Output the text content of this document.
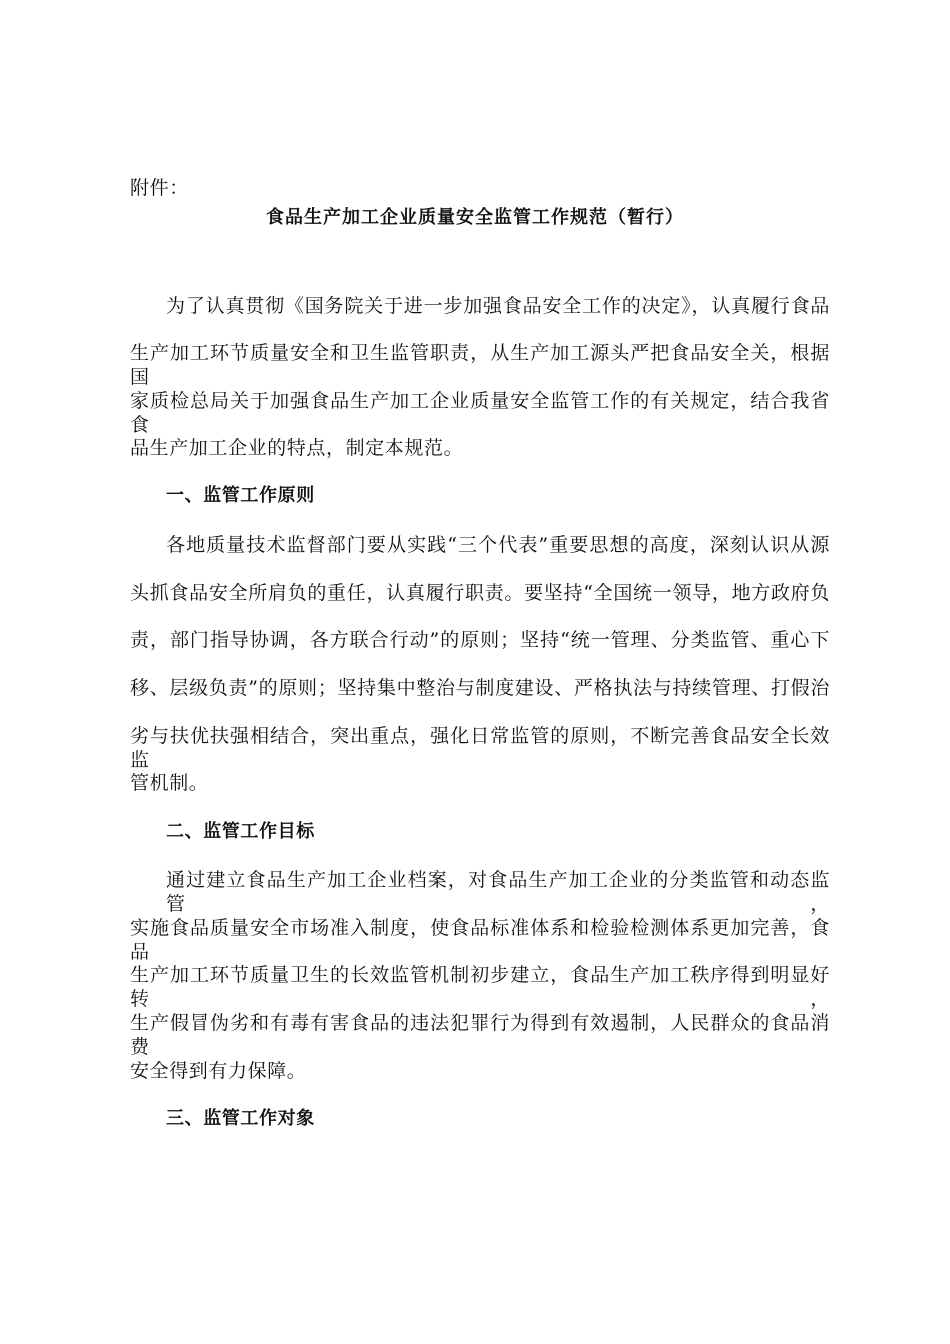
附件：
食品生产加工企业质量安全监管工作规范（暂行）
为了认真贯彻《国务院关于进一步加强食品安全工作的决定》，认真履行食品
生产加工环节质量安全和卫生监管职责，从生产加工源头严把食品安全关，根据国
家质检总局关于加强食品生产加工企业质量安全监管工作的有关规定，结合我省食
品生产加工企业的特点，制定本规范。
一、监管工作原则
各地质量技术监督部门要从实践“三个代表”重要思想的高度，深刻认识从源
头抓食品安全所肩负的重任，认真履行职责。要坚持“全国统一领导，地方政府负
责，部门指导协调，各方联合行动”的原则；坚持“统一管理、分类监管、重心下
移、层级负责”的原则；坚持集中整治与制度建设、严格执法与持续管理、打假治
劣与扶优扶强相结合，突出重点，强化日常监管的原则，不断完善食品安全长效监
管机制。
二、监管工作目标
通过建立食品生产加工企业档案，对食品生产加工企业的分类监管和动态监管，
实施食品质量安全市场准入制度，使食品标准体系和检验检测体系更加完善，食品
生产加工环节质量卫生的长效监管机制初步建立，食品生产加工秩序得到明显好转，
生产假冒伪劣和有毒有害食品的违法犯罪行为得到有效遏制，人民群众的食品消费
安全得到有力保障。
三、监管工作对象
